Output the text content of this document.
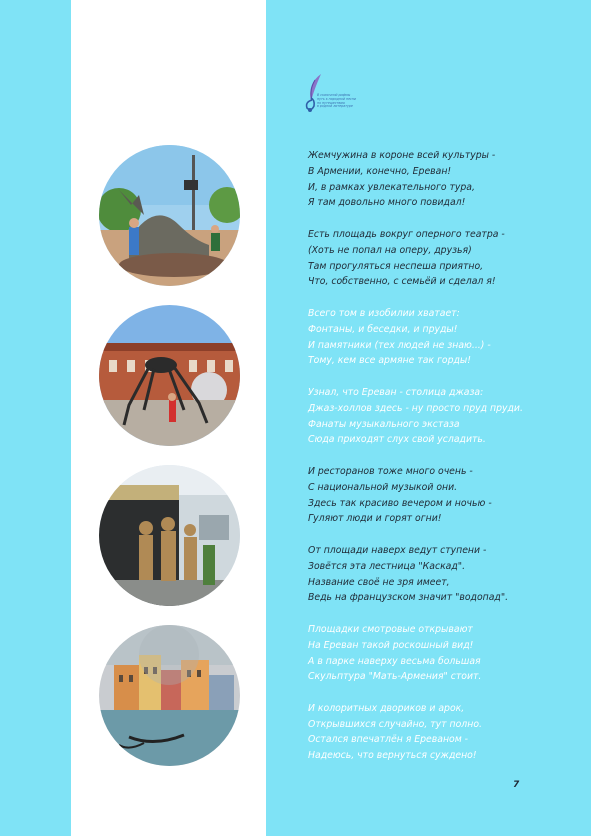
В сказочной рифмы
путь к народной песни
по путешествию
в родной литературе
Жемчужина в короне всей культуры -
В Армении, конечно, Ереван!
И, в рамках увлекательного тура,
Я там довольно много повидал!
Есть площадь вокруг оперного театра -
(Хоть не попал на оперу, друзья)
Там прогуляться неспеша приятно,
Что, собственно, с семьёй и сделал я!
Всего том в изобилии хватает:
Фонтаны, и беседки, и пруды!
И памятники (тех людей не знаю...) -
Тому, кем все армяне так горды!
Узнал, что Ереван - столица джаза:
Джаз-холлов здесь - ну просто пруд пруди.
Фанаты музыкального экстаза
Сюда приходят слух свой усладить.
И ресторанов тоже много очень -
С национальной музыкой они.
Здесь так красиво вечером и ночью -
Гуляют люди и горят огни!
От площади наверх ведут ступени -
Зовётся эта лестница "Каскад".
Название своё не зря имеет,
Ведь на французском значит "водопад".
Площадки смотровые открывают
На Ереван такой роскошный вид!
А в парке наверху весьма большая
Скульптура "Мать-Армения" стоит.
И колоритных двориков и арок,
Открывшихся случайно, тут полно.
Остался впечатлён я Ереваном -
Надеюсь, что вернуться суждено!
7
